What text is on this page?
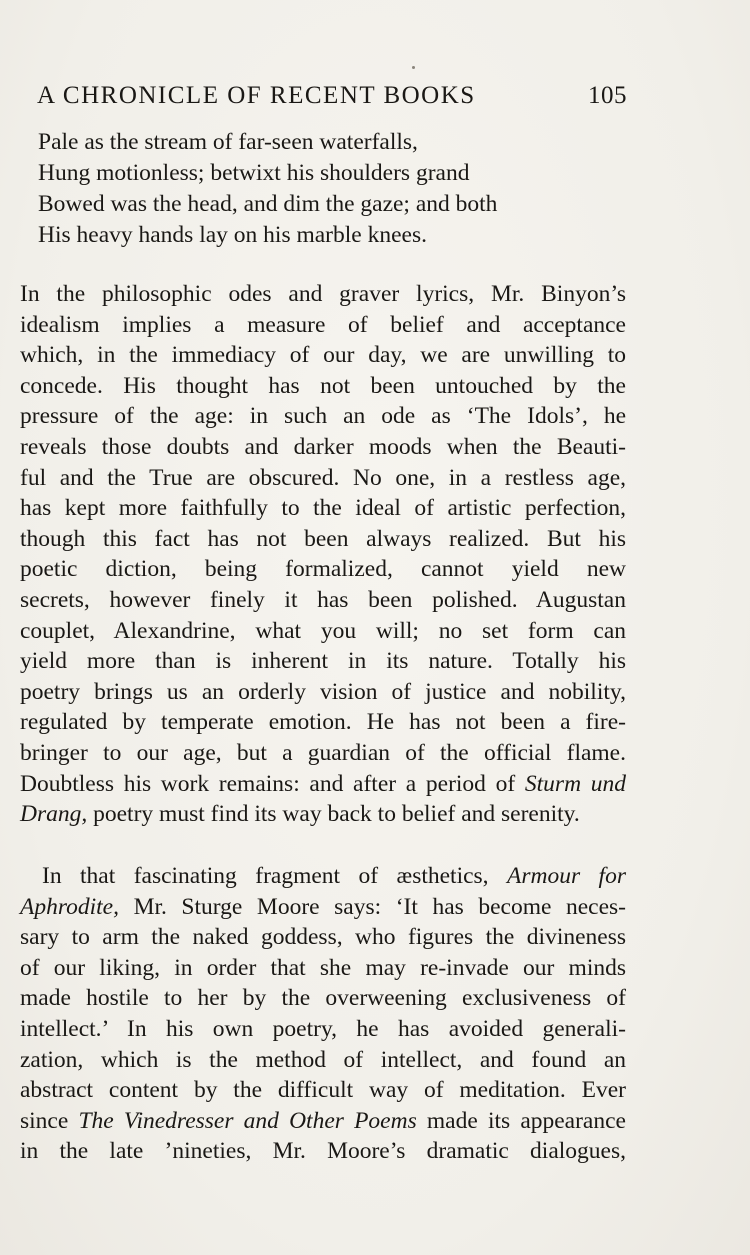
A CHRONICLE OF RECENT BOOKS	105
Pale as the stream of far-seen waterfalls,
Hung motionless; betwixt his shoulders grand
Bowed was the head, and dim the gaze; and both
His heavy hands lay on his marble knees.
In the philosophic odes and graver lyrics, Mr. Binyon’s
idealism implies a measure of belief and acceptance
which, in the immediacy of our day, we are unwilling to
concede. His thought has not been untouched by the
pressure of the age: in such an ode as ‘The Idols’, he
reveals those doubts and darker moods when the Beauti-
ful and the True are obscured. No one, in a restless age,
has kept more faithfully to the ideal of artistic perfection,
though this fact has not been always realized. But his
poetic diction, being formalized, cannot yield new
secrets, however finely it has been polished. Augustan
couplet, Alexandrine, what you will; no set form can
yield more than is inherent in its nature. Totally his
poetry brings us an orderly vision of justice and nobility,
regulated by temperate emotion. He has not been a fire-
bringer to our age, but a guardian of the official flame.
Doubtless his work remains: and after a period of Sturm und
Drang, poetry must find its way back to belief and serenity.
In that fascinating fragment of æsthetics, Armour for
Aphrodite, Mr. Sturge Moore says: ‘It has become neces-
sary to arm the naked goddess, who figures the divineness
of our liking, in order that she may re-invade our minds
made hostile to her by the overweening exclusiveness of
intellect.’ In his own poetry, he has avoided generali-
zation, which is the method of intellect, and found an
abstract content by the difficult way of meditation. Ever
since The Vinedresser and Other Poems made its appearance
in the late ’nineties, Mr. Moore’s dramatic dialogues,
